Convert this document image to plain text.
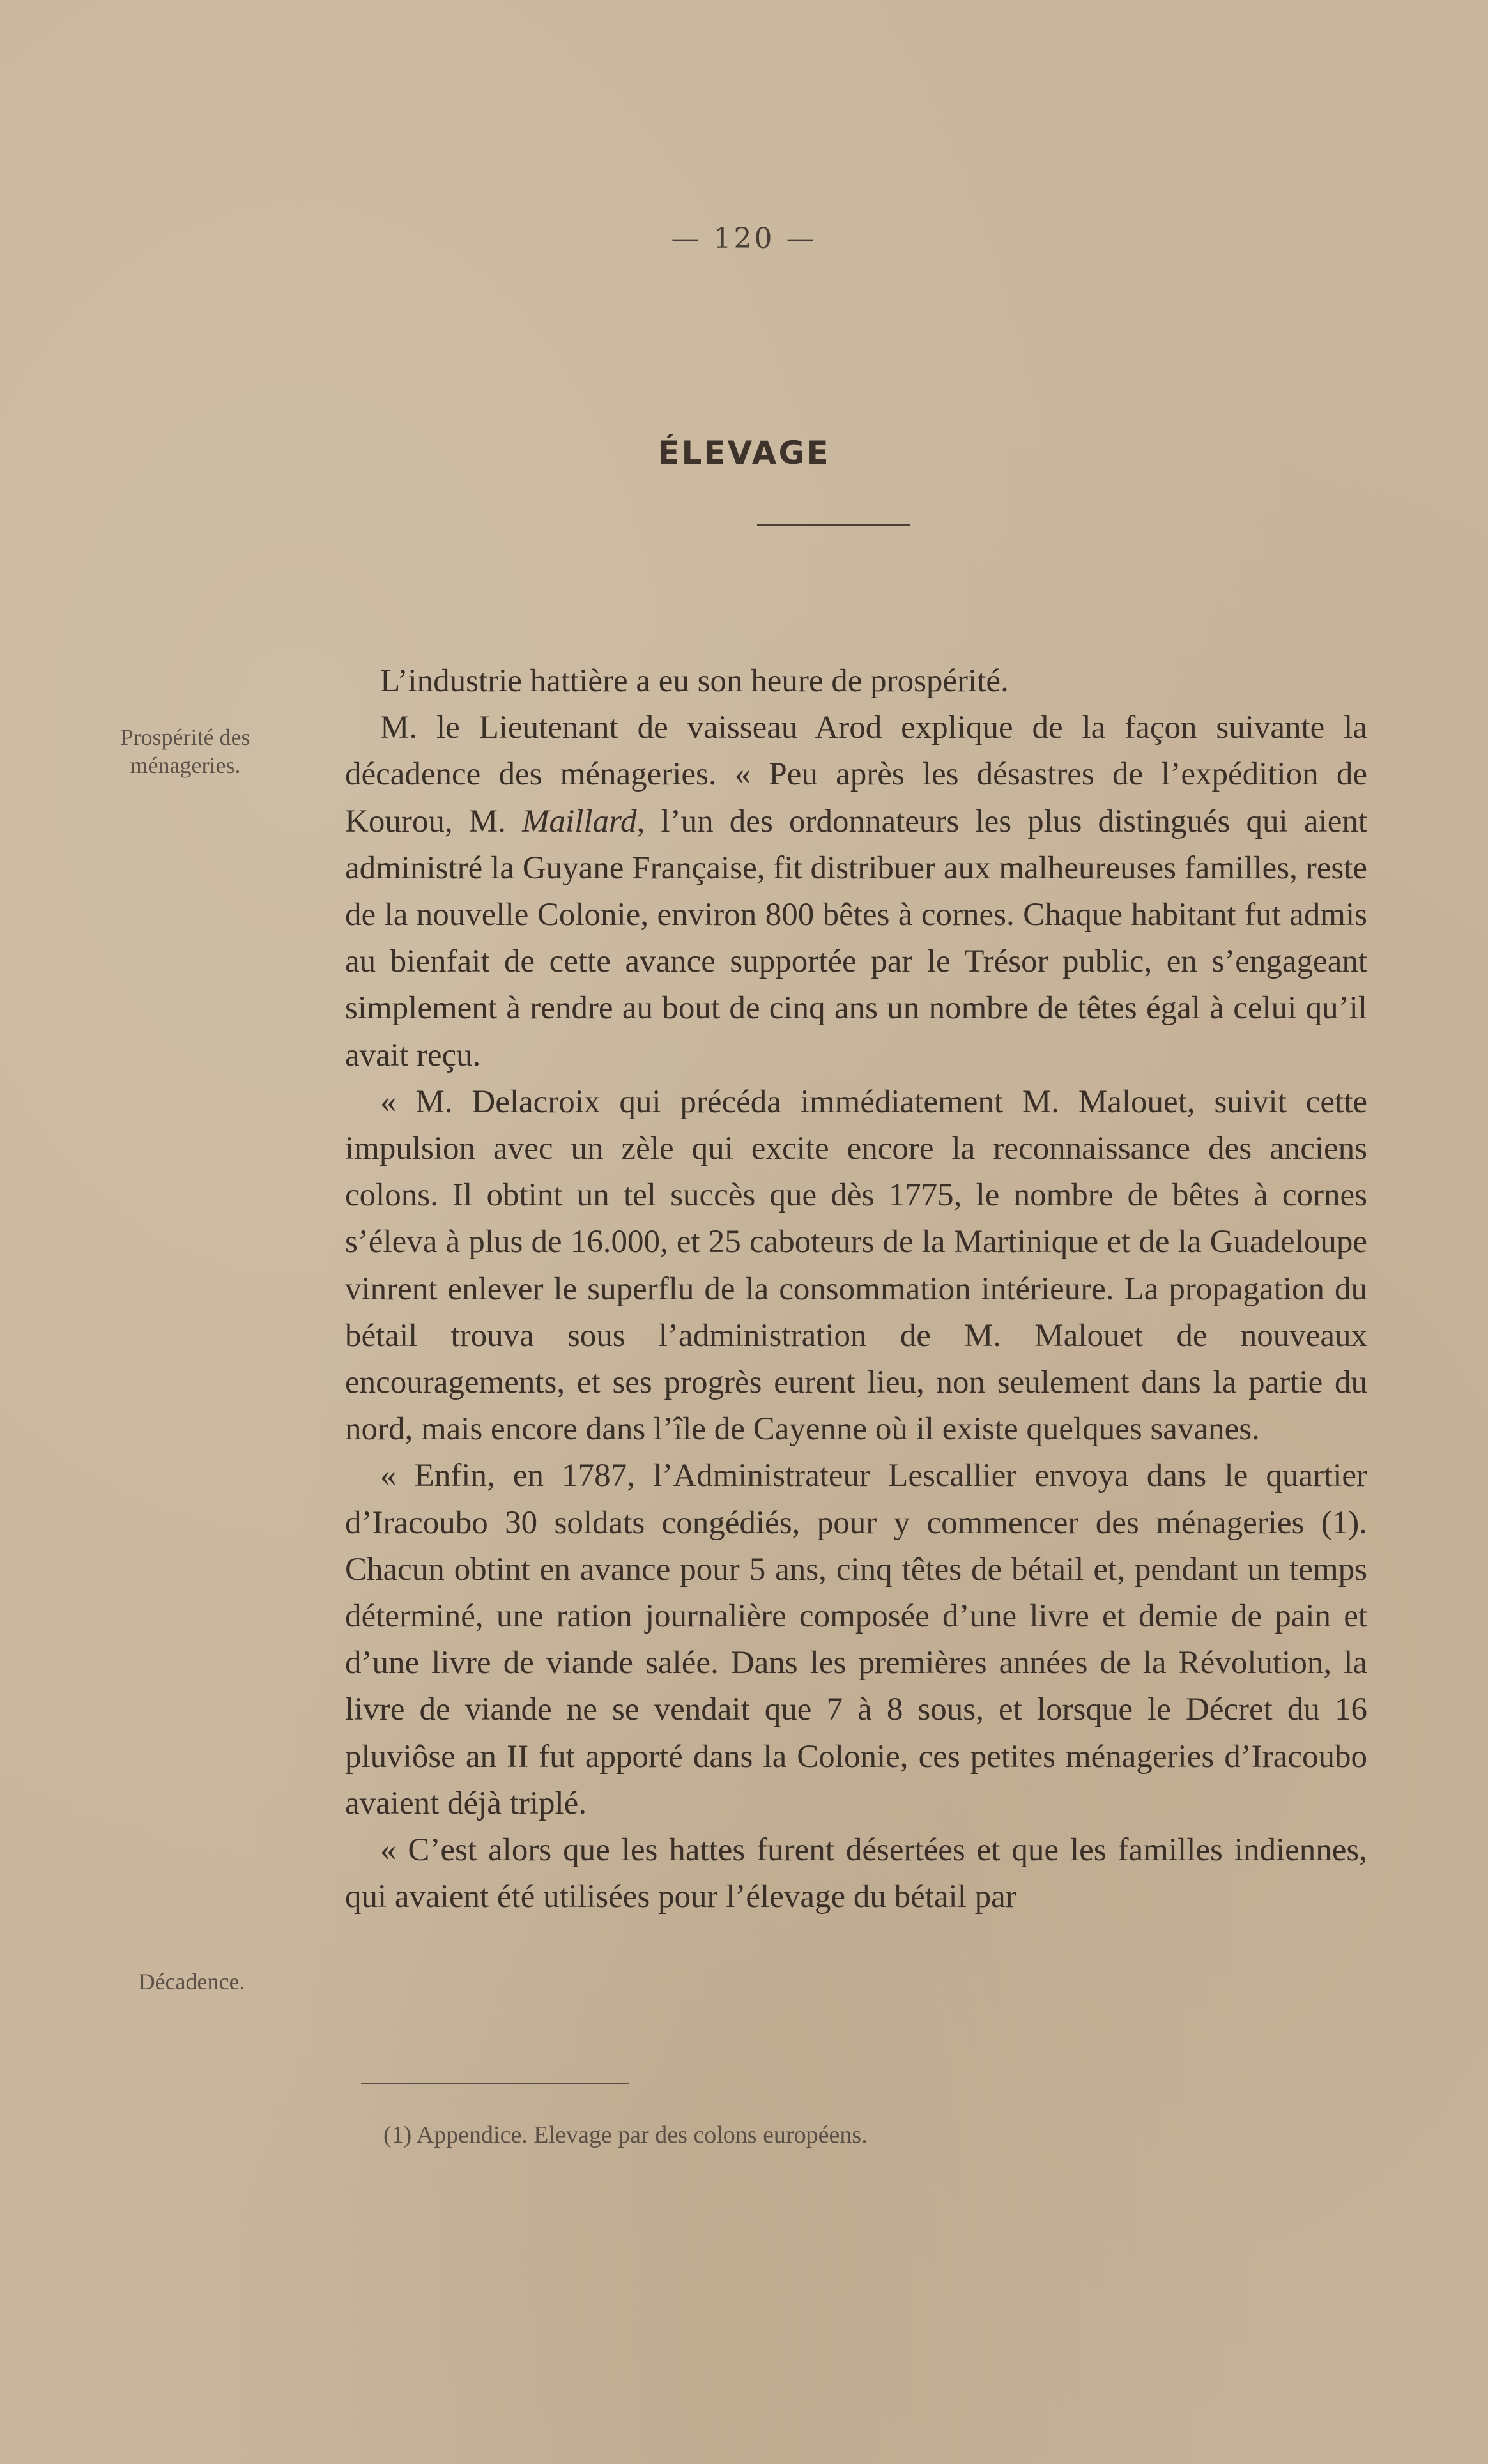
— 120 —
ÉLEVAGE
Prospérité des
ménageries.
Décadence.

L’industrie hattière a eu son heure de prospérité.

M. le Lieutenant de vaisseau Arod explique de la façon suivante la décadence des ménageries. « Peu après les désastres de l’expédition de Kourou, M. Maillard, l’un des ordonnateurs les plus distingués qui aient administré la Guyane Française, fit distribuer aux malheureuses familles, reste de la nouvelle Colonie, environ 800 bêtes à cornes. Chaque habitant fut admis au bienfait de cette avance supportée par le Trésor public, en s’engageant simplement à rendre au bout de cinq ans un nombre de têtes égal à celui qu’il avait reçu.

« M. Delacroix qui précéda immédiatement M. Malouet, suivit cette impulsion avec un zèle qui excite encore la reconnaissance des anciens colons. Il obtint un tel succès que dès 1775, le nombre de bêtes à cornes s’éleva à plus de 16.000, et 25 caboteurs de la Martinique et de la Guadeloupe vinrent enlever le superflu de la consommation intérieure. La propagation du bétail trouva sous l’administration de M. Malouet de nouveaux encouragements, et ses progrès eurent lieu, non seulement dans la partie du nord, mais encore dans l’île de Cayenne où il existe quelques savanes.

« Enfin, en 1787, l’Administrateur Lescallier envoya dans le quartier d’Iracoubo 30 soldats congédiés, pour y commencer des ménageries (1). Chacun obtint en avance pour 5 ans, cinq têtes de bétail et, pendant un temps déterminé, une ration journalière composée d’une livre et demie de pain et d’une livre de viande salée. Dans les premières années de la Révolution, la livre de viande ne se vendait que 7 à 8 sous, et lorsque le Décret du 16 pluviôse an II fut apporté dans la Colonie, ces petites ménageries d’Iracoubo avaient déjà triplé.

« C’est alors que les hattes furent désertées et que les familles indiennes, qui avaient été utilisées pour l’élevage du bétail par

(1) Appendice. Elevage par des colons européens.
